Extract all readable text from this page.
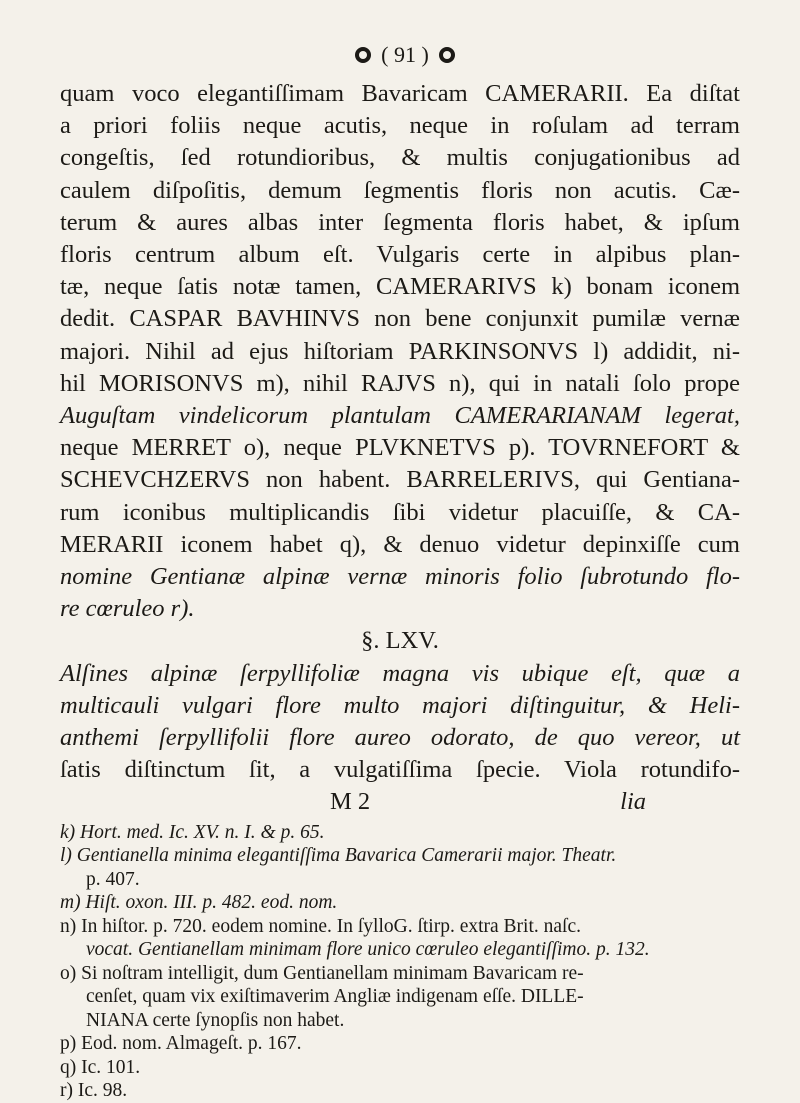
( 91 )
quam voco elegantiſſimam Bavaricam CAMERARII. Ea diſtat
a priori foliis neque acutis, neque in roſulam ad terram
congeſtis, ſed rotundioribus, & multis conjugationibus ad
caulem diſpoſitis, demum ſegmentis floris non acutis. Cæ-
terum & aures albas inter ſegmenta floris habet, & ipſum
floris centrum album eſt. Vulgaris certe in alpibus plan-
tæ, neque ſatis notæ tamen, CAMERARIVS k) bonam iconem
dedit. CASPAR BAVHINVS non bene conjunxit pumilæ vernæ
majori. Nihil ad ejus hiſtoriam PARKINSONVS l) addidit, ni-
hil MORISONVS m), nihil RAJVS n), qui in natali ſolo prope
Auguſtam vindelicorum plantulam CAMERARIANAM legerat,
neque MERRET o), neque PLVKNETVS p). TOVRNEFORT &
SCHEVCHZERVS non habent. BARRELERIVS, qui Gentiana-
rum iconibus multiplicandis ſibi videtur placuiſſe, & CA-
MERARII iconem habet q), & denuo videtur depinxiſſe cum
nomine Gentianæ alpinæ vernæ minoris folio ſubrotundo flo-
re cœruleo r).
§. LXV.
Alſines alpinæ ſerpyllifoliæ magna vis ubique eſt, quæ a
multicauli vulgari flore multo majori diſtinguitur, & Heli-
anthemi ſerpyllifolii flore aureo odorato, de quo vereor, ut
ſatis diſtinctum ſit, a vulgatiſſima ſpecie. Viola rotundifo-
M 2	lia
k) Hort. med. Ic. XV. n. I. & p. 65.
l) Gentianella minima elegantiſſima Bavarica Camerarii major. Theatr.
p. 407.
m) Hiſt. oxon. III. p. 482. eod. nom.
n) In hiſtor. p. 720. eodem nomine. In ſylloG. ſtirp. extra Brit. naſc.
vocat. Gentianellam minimam flore unico cœruleo elegantiſſimo. p. 132.
o) Si noſtram intelligit, dum Gentianellam minimam Bavaricam re-
cenſet, quam vix exiſtimaverim Angliæ indigenam eſſe. DILLE-
NIANA certe ſynopſis non habet.
p) Eod. nom. Almageſt. p. 167.
q) Ic. 101.
r) Ic. 98.
